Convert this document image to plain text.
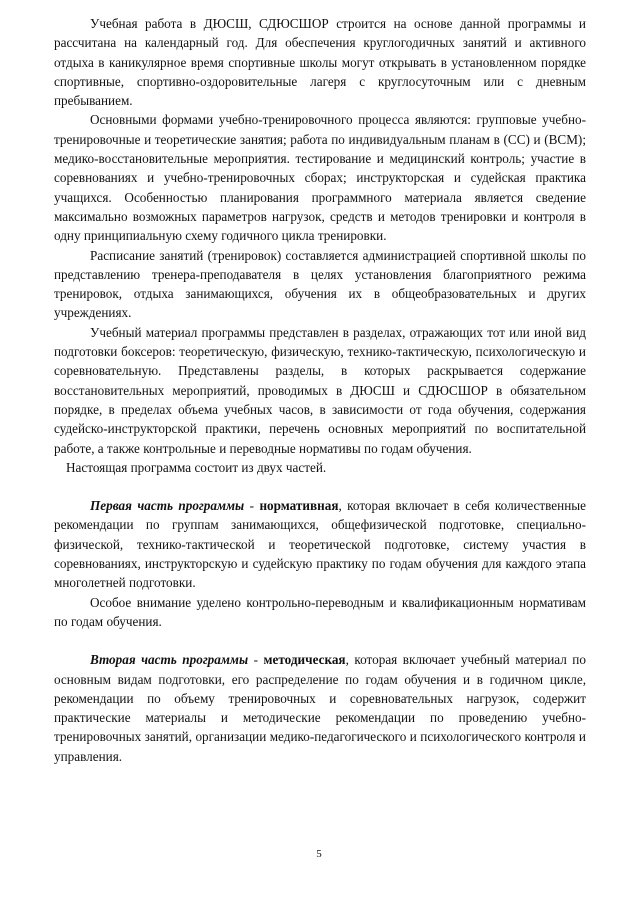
Учебная работа в ДЮСШ, СДЮСШОР строится на основе данной программы и рассчитана на календарный год. Для обеспечения круглогодичных занятий и активного отдыха в каникулярное время спортивные школы могут открывать в установленном порядке спортивные, спортивно-оздоровительные лагеря с круглосуточным или с дневным пребыванием.

Основными формами учебно-тренировочного процесса являются: групповые учебно-тренировочные и теоретические занятия; работа по индивидуальным планам в (СС) и (ВСМ); медико-восстановительные мероприятия. тестирование и медицинский контроль; участие в соревнованиях и учебно-тренировочных сборах; инструкторская и судейская практика учащихся. Особенностью планирования программного материала является сведение максимально возможных параметров нагрузок, средств и методов тренировки и контроля в одну принципиальную схему годичного цикла тренировки.

Расписание занятий (тренировок) составляется администрацией спортивной школы по представлению тренера-преподавателя в целях установления благоприятного режима тренировок, отдыха занимающихся, обучения их в общеобразовательных и других учреждениях.

Учебный материал программы представлен в разделах, отражающих тот или иной вид подготовки боксеров: теоретическую, физическую, технико-тактическую, психологическую и соревновательную. Представлены разделы, в которых раскрывается содержание восстановительных мероприятий, проводимых в ДЮСШ и СДЮСШОР в обязательном порядке, в пределах объема учебных часов, в зависимости от года обучения, содержания судейско-инструкторской практики, перечень основных мероприятий по воспитательной работе, а также контрольные и переводные нормативы по годам обучения.

Настоящая программа состоит из двух частей.

Первая часть программы - нормативная, которая включает в себя количественные рекомендации по группам занимающихся, общефизической подготовке, специально-физической, технико-тактической и теоретической подготовке, систему участия в соревнованиях, инструкторскую и судейскую практику по годам обучения для каждого этапа многолетней подготовки.

Особое внимание уделено контрольно-переводным и квалификационным нормативам по годам обучения.

Вторая часть программы - методическая, которая включает учебный материал по основным видам подготовки, его распределение по годам обучения и в годичном цикле, рекомендации по объему тренировочных и соревновательных нагрузок, содержит практические материалы и методические рекомендации по проведению учебно-тренировочных занятий, организации медико-педагогического и психологического контроля и управления.

5
